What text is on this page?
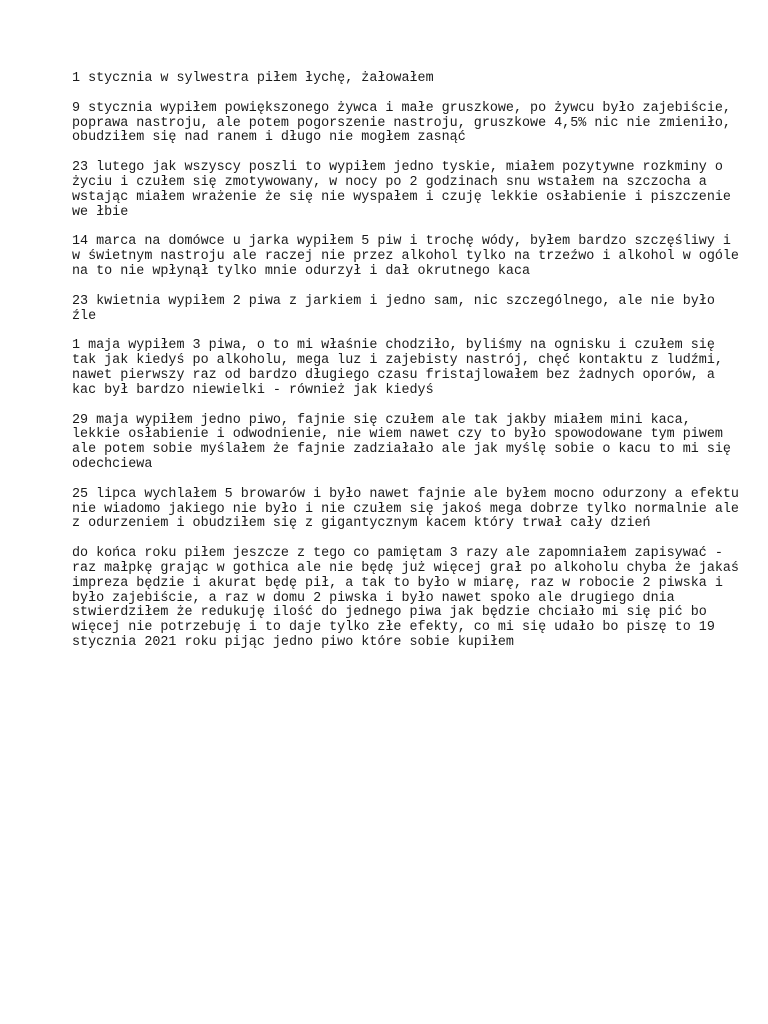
1 stycznia w sylwestra piłem łychę, żałowałem
9 stycznia wypiłem powiększonego żywca i małe gruszkowe, po żywcu było zajebiście,
poprawa nastroju, ale potem pogorszenie nastroju, gruszkowe 4,5% nic nie zmieniło,
obudziłem się nad ranem i długo nie mogłem zasnąć
23 lutego jak wszyscy poszli to wypiłem jedno tyskie, miałem pozytywne rozkminy o
życiu i czułem się zmotywowany, w nocy po 2 godzinach snu wstałem na szczocha a
wstając miałem wrażenie że się nie wyspałem i czuję lekkie osłabienie i piszczenie
we łbie
14 marca na domówce u jarka wypiłem 5 piw i trochę wódy, byłem bardzo szczęśliwy i
w świetnym nastroju ale raczej nie przez alkohol tylko na trzeźwo i alkohol w ogóle
na to nie wpłynął tylko mnie odurzył i dał okrutnego kaca
23 kwietnia wypiłem 2 piwa z jarkiem i jedno sam, nic szczególnego, ale nie było
źle
1 maja wypiłem 3 piwa, o to mi właśnie chodziło, byliśmy na ognisku i czułem się
tak jak kiedyś po alkoholu, mega luz i zajebisty nastrój, chęć kontaktu z ludźmi,
nawet pierwszy raz od bardzo długiego czasu fristajlowałem bez żadnych oporów, a
kac był bardzo niewielki - również jak kiedyś
29 maja wypiłem jedno piwo, fajnie się czułem ale tak jakby miałem mini kaca,
lekkie osłabienie i odwodnienie, nie wiem nawet czy to było spowodowane tym piwem
ale potem sobie myślałem że fajnie zadziałało ale jak myślę sobie o kacu to mi się
odechciewa
25 lipca wychlałem 5 browarów i było nawet fajnie ale byłem mocno odurzony a efektu
nie wiadomo jakiego nie było i nie czułem się jakoś mega dobrze tylko normalnie ale
z odurzeniem i obudziłem się z gigantycznym kacem który trwał cały dzień
do końca roku piłem jeszcze z tego co pamiętam 3 razy ale zapomniałem zapisywać -
raz małpkę grając w gothica ale nie będę już więcej grał po alkoholu chyba że jakaś
impreza będzie i akurat będę pił, a tak to było w miarę, raz w robocie 2 piwska i
było zajebiście, a raz w domu 2 piwska i było nawet spoko ale drugiego dnia
stwierdziłem że redukuję ilość do jednego piwa jak będzie chciało mi się pić bo
więcej nie potrzebuję i to daje tylko złe efekty, co mi się udało bo piszę to 19
stycznia 2021 roku pijąc jedno piwo które sobie kupiłem
